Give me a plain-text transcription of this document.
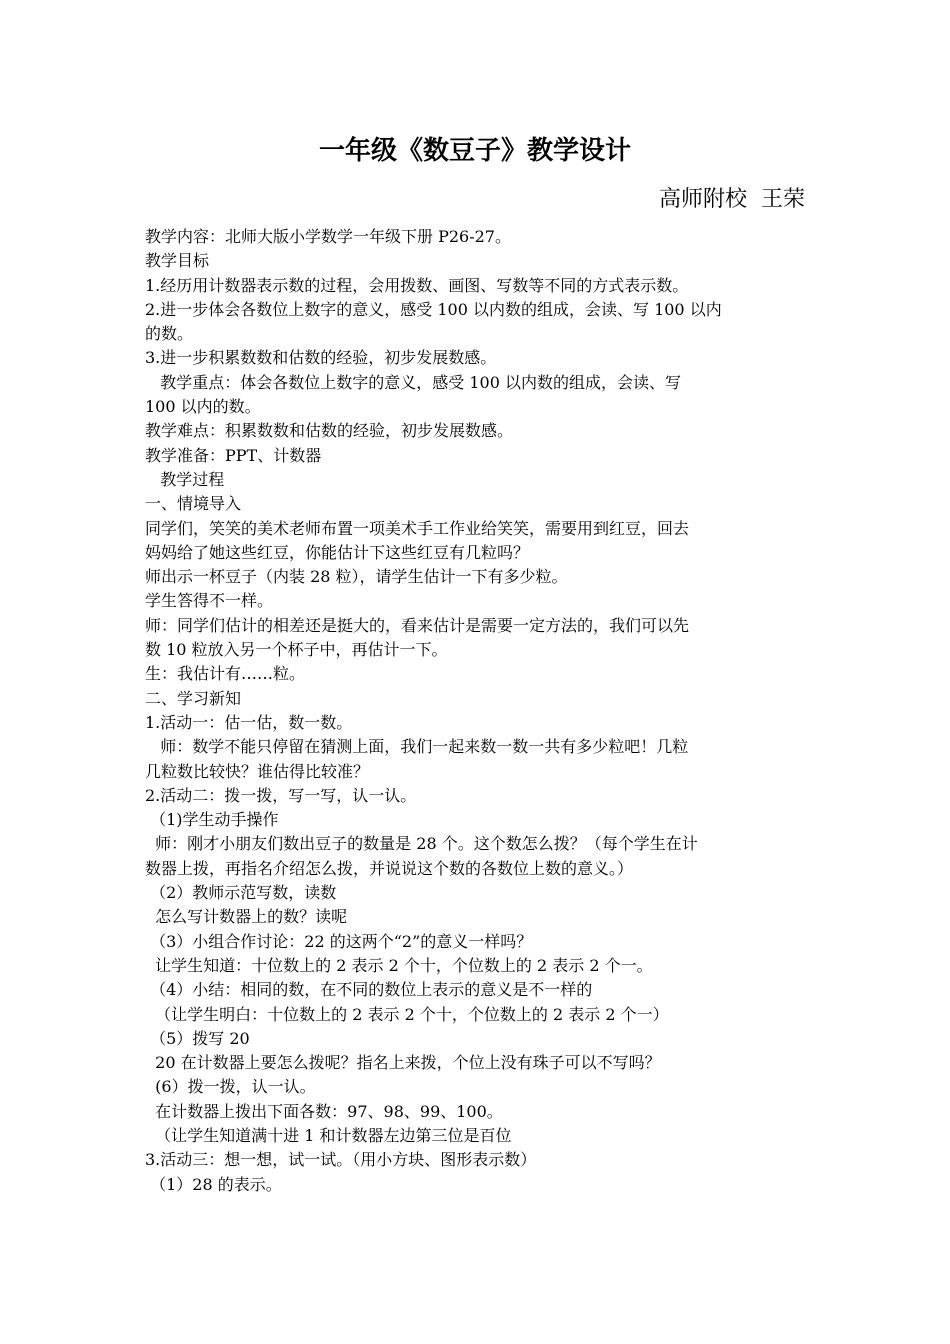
一年级《数豆子》教学设计

高师附校  王荣

教学内容：北师大版小学数学一年级下册 P26-27。

教学目标

1.经历用计数器表示数的过程，会用拨数、画图、写数等不同的方式表示数。

2.进一步体会各数位上数字的意义，感受 100 以内数的组成，会读、写 100 以内

的数。

3.进一步积累数数和估数的经验，初步发展数感。

教学重点：体会各数位上数字的意义，感受 100 以内数的组成，会读、写

100 以内的数。

教学难点：积累数数和估数的经验，初步发展数感。

教学准备：PPT、计数器

教学过程

一、情境导入

同学们，笑笑的美术老师布置一项美术手工作业给笑笑，需要用到红豆，回去

妈妈给了她这些红豆，你能估计下这些红豆有几粒吗？

师出示一杯豆子（内装 28 粒），请学生估计一下有多少粒。

学生答得不一样。

师：同学们估计的相差还是挺大的，看来估计是需要一定方法的，我们可以先

数 10 粒放入另一个杯子中，再估计一下。

生：我估计有……粒。

二、学习新知

1.活动一：估一估，数一数。

师：数学不能只停留在猜测上面，我们一起来数一数一共有多少粒吧！几粒

几粒数比较快？谁估得比较准？

2.活动二：拨一拨，写一写，认一认。

（1)学生动手操作

师：刚才小朋友们数出豆子的数量是 28 个。这个数怎么拨？（每个学生在计

数器上拨，再指名介绍怎么拨，并说说这个数的各数位上数的意义。）

（2）教师示范写数，读数

怎么写计数器上的数？读呢

（3）小组合作讨论：22 的这两个“2”的意义一样吗？

让学生知道：十位数上的 2 表示 2 个十，个位数上的 2 表示 2 个一。

（4）小结：相同的数，在不同的数位上表示的意义是不一样的

（让学生明白：十位数上的 2 表示 2 个十，个位数上的 2 表示 2 个一）

（5）拨写 20

20 在计数器上要怎么拨呢？指名上来拨，个位上没有珠子可以不写吗？

(6）拨一拨，认一认。

在计数器上拨出下面各数：97、98、99、100。

（让学生知道满十进 1 和计数器左边第三位是百位

3.活动三：想一想，试一试。（用小方块、图形表示数）

（1）28 的表示。
